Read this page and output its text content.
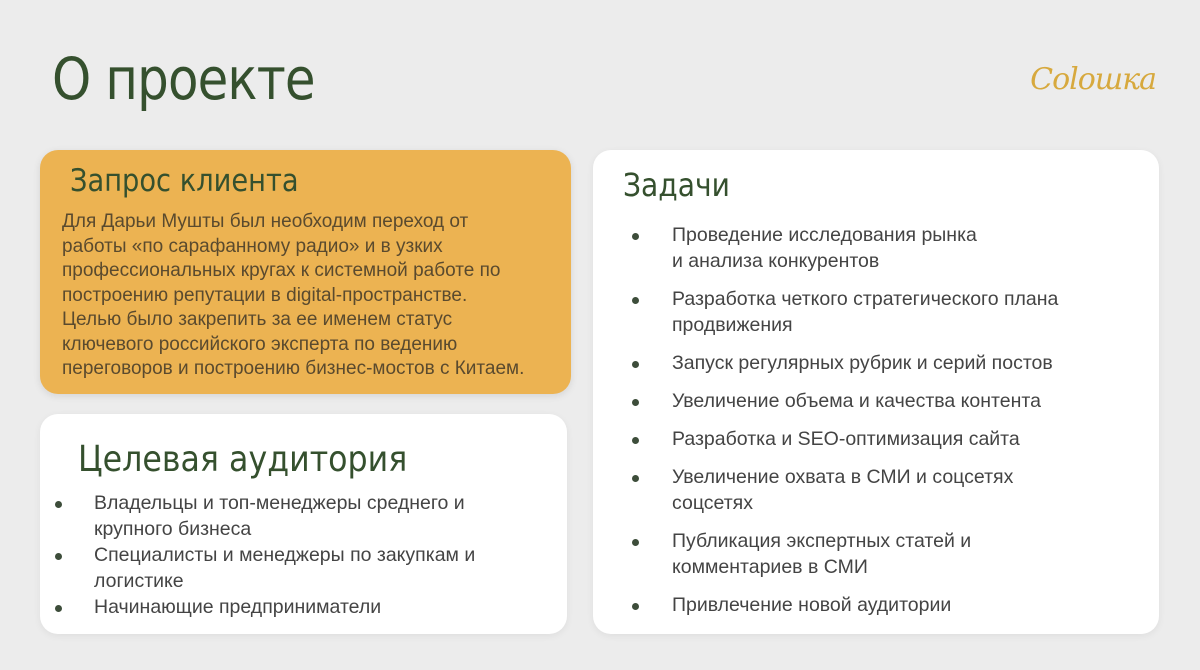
О проекте	Сolошка
Запрос клиента
Для Дарьи Мушты был необходим переход от
работы «по сарафанному радио» и в узких
профессиональных кругах к системной работе по
построению репутации в digital-пространстве.
Целью было закрепить за ее именем статус
ключевого российского эксперта по ведению
переговоров и построению бизнес-мостов с Китаем.
Целевая аудитория
Владельцы и топ-менеджеры среднего и
крупного бизнеса
Специалисты и менеджеры по закупкам и
логистике
Начинающие предприниматели
Задачи
Проведение исследования рынка
и анализа конкурентов
Разработка четкого стратегического плана
продвижения
Запуск регулярных рубрик и серий постов
Увеличение объема и качества контента
Разработка и SEO-оптимизация сайта
Увеличение охвата в СМИ и соцсетях
соцсетях
Публикация экспертных статей и
комментариев в СМИ
Привлечение новой аудитории
